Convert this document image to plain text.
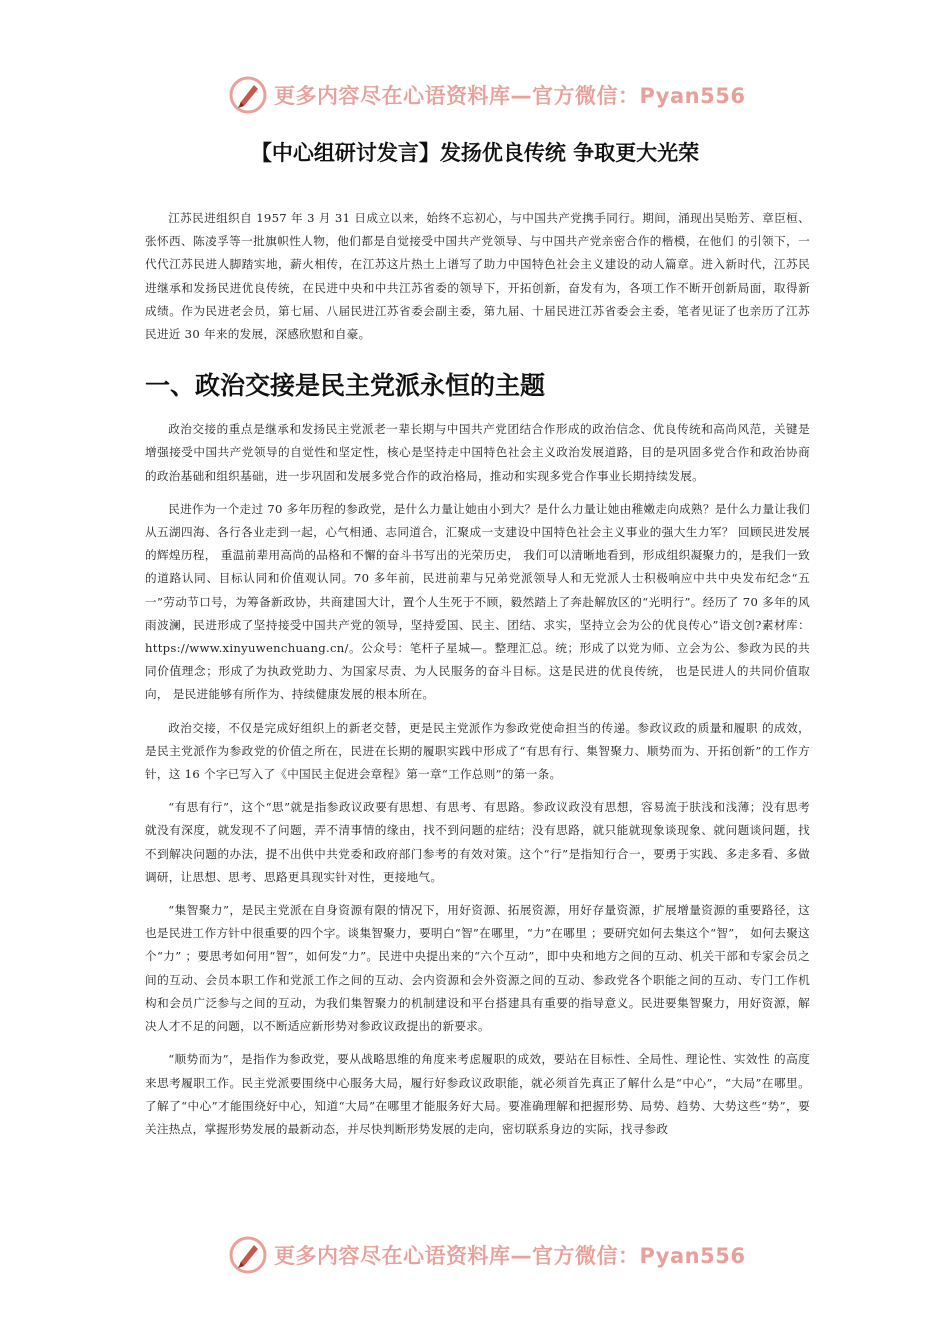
更多内容尽在心语资料库—官方微信：Pyan556
【中心组研讨发言】发扬优良传统 争取更大光荣

江苏民进组织自 1957 年 3 月 31 日成立以来，始终不忘初心，与中国共产党携手同行。期间，涌现出吴贻芳、章臣桓、张怀西、陈凌孚等一批旗帜性人物，他们都是自觉接受中国共产党领导、与中国共产党亲密合作的楷模，在他们 的引领下，一代代江苏民进人脚踏实地，薪火相传，在江苏这片热土上谱写了助力中国特色社会主义建设的动人篇章。进入新时代，江苏民进继承和发扬民进优良传统，在民进中央和中共江苏省委的领导下，开拓创新，奋发有为，各项工作不断开创新局面，取得新成绩。作为民进老会员，第七届、八届民进江苏省委会副主委，第九届、十届民进江苏省委会主委，笔者见证了也亲历了江苏民进近 30 年来的发展，深感欣慰和自豪。

一、政治交接是民主党派永恒的主题

政治交接的重点是继承和发扬民主党派老一辈长期与中国共产党团结合作形成的政治信念、优良传统和高尚风范，关键是增强接受中国共产党领导的自觉性和坚定性，核心是坚持走中国特色社会主义政治发展道路，目的是巩固多党合作和政治协商的政治基础和组织基础，进一步巩固和发展多党合作的政治格局，推动和实现多党合作事业长期持续发展。

民进作为一个走过 70 多年历程的参政党，是什么力量让她由小到大？是什么力量让她由稚嫩走向成熟？是什么力量让我们从五湖四海、各行各业走到一起，心气相通、志同道合，汇聚成一支建设中国特色社会主义事业的强大生力军？ 回顾民进发展的辉煌历程， 重温前辈用高尚的品格和不懈的奋斗书写出的光荣历史， 我们可以清晰地看到，形成组织凝聚力的，是我们一致的道路认同、目标认同和价值观认同。70 多年前，民进前辈与兄弟党派领导人和无党派人士积极响应中共中央发布纪念“五一”劳动节口号，为筹备新政协，共商建国大计，置个人生死于不顾，毅然踏上了奔赴解放区的“光明行”。经历了 70 多年的风雨波澜，民进形成了坚持接受中国共产党的领导，坚持爱国、民主、团结、求实，坚持立会为公的优良传心”语文创?素材库：https://www.xinyuwenchuang.cn/。公众号：笔杆子星城—。整理汇总。统；形成了以党为师、立会为公、参政为民的共同价值理念；形成了为执政党助力、为国家尽责、为人民服务的奋斗目标。这是民进的优良传统， 也是民进人的共同价值取向， 是民进能够有所作为、持续健康发展的根本所在。

政治交接，不仅是完成好组织上的新老交替，更是民主党派作为参政党使命担当的传递。参政议政的质量和履职 的成效，是民主党派作为参政党的价值之所在，民进在长期的履职实践中形成了“有思有行、集智聚力、顺势而为、开拓创新”的工作方针，这 16 个字已写入了《中国民主促进会章程》第一章“工作总则”的第一条。

“有思有行”，这个“思”就是指参政议政要有思想、有思考、有思路。参政议政没有思想，容易流于肤浅和浅薄；没有思考就没有深度，就发现不了问题，弄不清事情的缘由，找不到问题的症结；没有思路，就只能就现象谈现象、就问题谈问题，找不到解决问题的办法，提不出供中共党委和政府部门参考的有效对策。这个“行”是指知行合一，要勇于实践、多走多看、多做调研，让思想、思考、思路更具现实针对性，更接地气。

“集智聚力”，是民主党派在自身资源有限的情况下，用好资源、拓展资源，用好存量资源，扩展增量资源的重要路径，这也是民进工作方针中很重要的四个字。谈集智聚力，要明白“智”在哪里，“力”在哪里 ；要研究如何去集这个“智”， 如何去聚这个“力” ；要思考如何用“智”，如何发“力”。民进中央提出来的“六个互动”，即中央和地方之间的互动、机关干部和专家会员之间的互动、会员本职工作和党派工作之间的互动、会内资源和会外资源之间的互动、参政党各个职能之间的互动、专门工作机构和会员广泛参与之间的互动，为我们集智聚力的机制建设和平台搭建具有重要的指导意义。民进要集智聚力，用好资源，解决人才不足的问题，以不断适应新形势对参政议政提出的新要求。

“顺势而为”，是指作为参政党，要从战略思维的角度来考虑履职的成效，要站在目标性、全局性、理论性、实效性 的高度来思考履职工作。民主党派要围绕中心服务大局，履行好参政议政职能，就必须首先真正了解什么是“中心”，“大局”在哪里。了解了“中心”才能围绕好中心，知道“大局”在哪里才能服务好大局。要准确理解和把握形势、局势、趋势、大势这些“势”，要关注热点，掌握形势发展的最新动态，并尽快判断形势发展的走向，密切联系身边的实际，找寻参政

更多内容尽在心语资料库—官方微信：Pyan556
